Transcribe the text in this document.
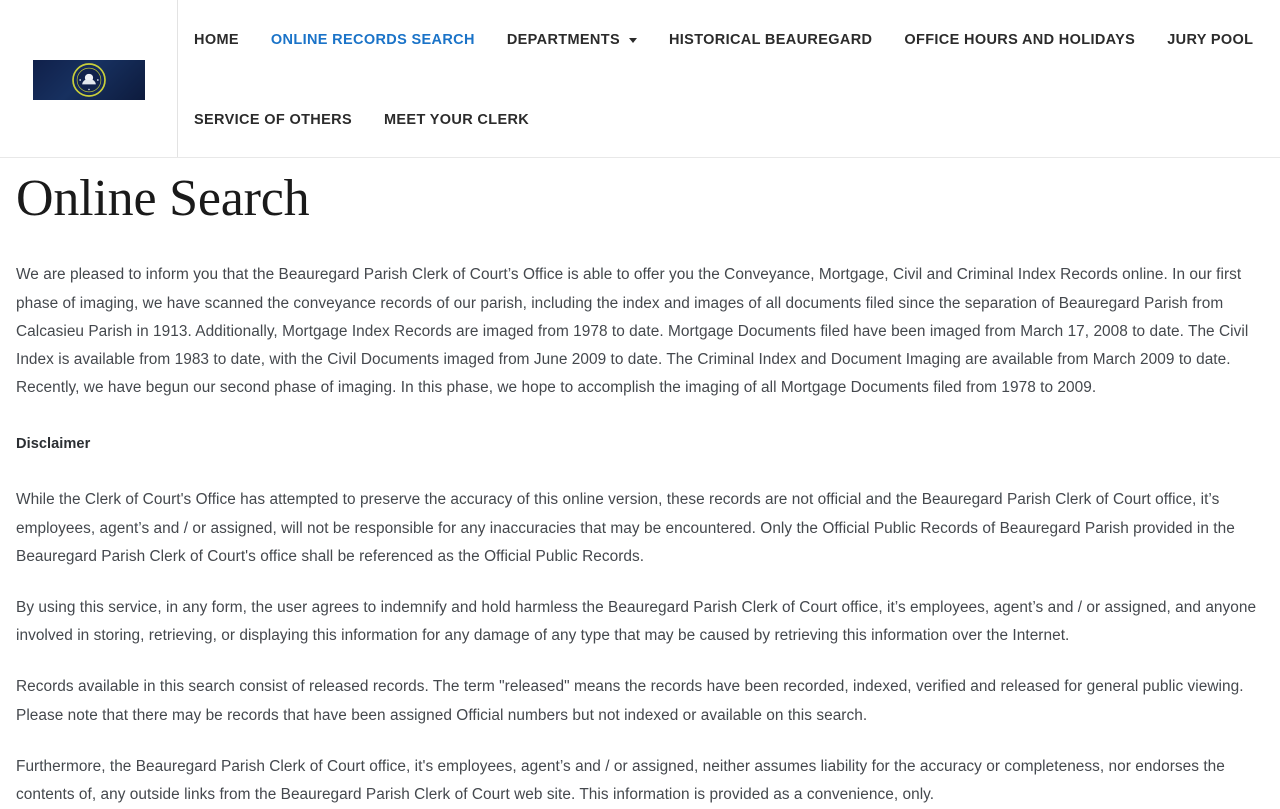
HOME	ONLINE RECORDS SEARCH	DEPARTMENTS	HISTORICAL BEAUREGARD	OFFICE HOURS AND HOLIDAYS	JURY POOL
SERVICE OF OTHERS	MEET YOUR CLERK
Online Search

We are pleased to inform you that the Beauregard Parish Clerk of Court’s Office is able to offer you the Conveyance, Mortgage, Civil and Criminal Index Records online. In our first phase of imaging, we have scanned the conveyance records of our parish, including the index and images of all documents filed since the separation of Beauregard Parish from Calcasieu Parish in 1913. Additionally, Mortgage Index Records are imaged from 1978 to date. Mortgage Documents filed have been imaged from March 17, 2008 to date. The Civil Index is available from 1983 to date, with the Civil Documents imaged from June 2009 to date. The Criminal Index and Document Imaging are available from March 2009 to date. Recently, we have begun our second phase of imaging. In this phase, we hope to accomplish the imaging of all Mortgage Documents filed from 1978 to 2009.

Disclaimer

While the Clerk of Court's Office has attempted to preserve the accuracy of this online version, these records are not official and the Beauregard Parish Clerk of Court office, it’s employees, agent’s and / or assigned, will not be responsible for any inaccuracies that may be encountered. Only the Official Public Records of Beauregard Parish provided in the Beauregard Parish Clerk of Court's office shall be referenced as the Official Public Records.

By using this service, in any form, the user agrees to indemnify and hold harmless the Beauregard Parish Clerk of Court office, it’s employees, agent’s and / or assigned, and anyone involved in storing, retrieving, or displaying this information for any damage of any type that may be caused by retrieving this information over the Internet.

Records available in this search consist of released records. The term "released" means the records have been recorded, indexed, verified and released for general public viewing. Please note that there may be records that have been assigned Official numbers but not indexed or available on this search.

Furthermore, the Beauregard Parish Clerk of Court office, it's employees, agent’s and / or assigned, neither assumes liability for the accuracy or completeness, nor endorses the contents of, any outside links from the Beauregard Parish Clerk of Court web site. This information is provided as a convenience, only.
